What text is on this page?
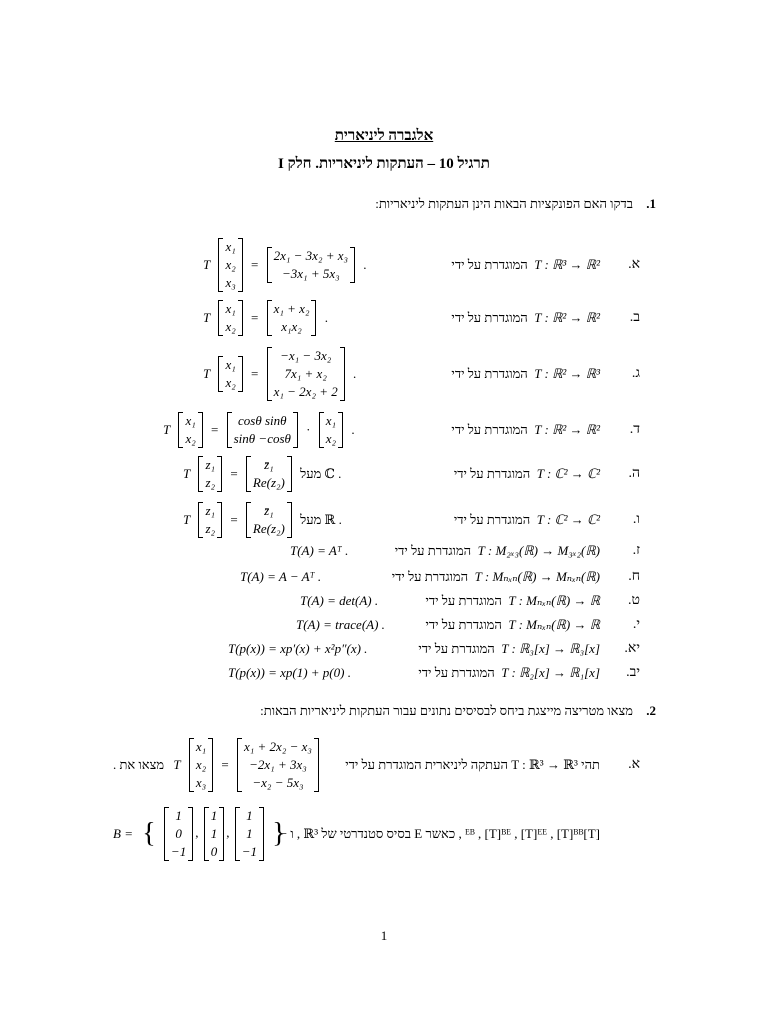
אלגברה ליניארית
תרגיל 10 – העתקות ליניאריות. חלק I
1. בדקו האם הפונקציות הבאות הינן העתקות ליניאריות:
א.
T : ℝ³ → ℝ²  המוגדרת על ידי
T
x₁
x₂
x₃
=
2x₁ − 3x₂ + x₃
−3x₁ + 5x₃
.
ב.
T : ℝ² → ℝ²  המוגדרת על ידי
T
x₁
x₂
=
x₁ + x₂
x₁x₂
.
ג.
T : ℝ² → ℝ³  המוגדרת על ידי
T
x₁
x₂
=
−x₁ − 3x₂
7x₁ + x₂
x₁ − 2x₂ + 2
.
ד.
T : ℝ² → ℝ²  המוגדרת על ידי
T
x₁
x₂
=
cosθ sinθ
sinθ −cosθ
·
x₁
x₂
.
ה.
T : ℂ² → ℂ²  המוגדרת על ידי
T
z₁
z₂
=
z̄₁
Re(z₂)
מעל ℂ .
ו.
T : ℂ² → ℂ²  המוגדרת על ידי
T
z₁
z₂
=
z̄₁
Re(z₂)
מעל ℝ .
ז.
T : M₂ₓ₃(ℝ) → M₃ₓ₂(ℝ)  המוגדרת על ידי
T(A) = Aᵀ .
ח.
T : Mₙₓₙ(ℝ) → Mₙₓₙ(ℝ)  המוגדרת על ידי
T(A) = A − Aᵀ .
ט.
T : Mₙₓₙ(ℝ) → ℝ  המוגדרת על ידי
T(A) = det(A) .
י.
T : Mₙₓₙ(ℝ) → ℝ  המוגדרת על ידי
T(A) = trace(A) .
יא.
T : ℝ₃[x] → ℝ₃[x]  המוגדרת על ידי
T(p(x)) = xp′(x) + x²p″(x) .
יב.
T : ℝ₂[x] → ℝ₁[x]  המוגדרת על ידי
T(p(x)) = xp(1) + p(0) .
2. מצאו מטריצה מייצגת ביחס לבסיסים נתונים עבור העתקות ליניאריות הבאות:
א.
תהי T : ℝ³ → ℝ³ העתקה ליניארית המוגדרת על ידי
. מצאו את T
x₁
x₂
x₃
=
x₁ + 2x₂ − x₃
−2x₁ + 3x₃
−x₂ − 5x₃
[T]ᴱᴮ , [T]ᴮᴱ , [T]ᴱᴱ , [T]ᴮᴮ , כאשר E בסיס סטנדרטי של ℝ³ , ו −
B = {
1
0
−1
,
1
1
0
,
1
1
−1
}
1
